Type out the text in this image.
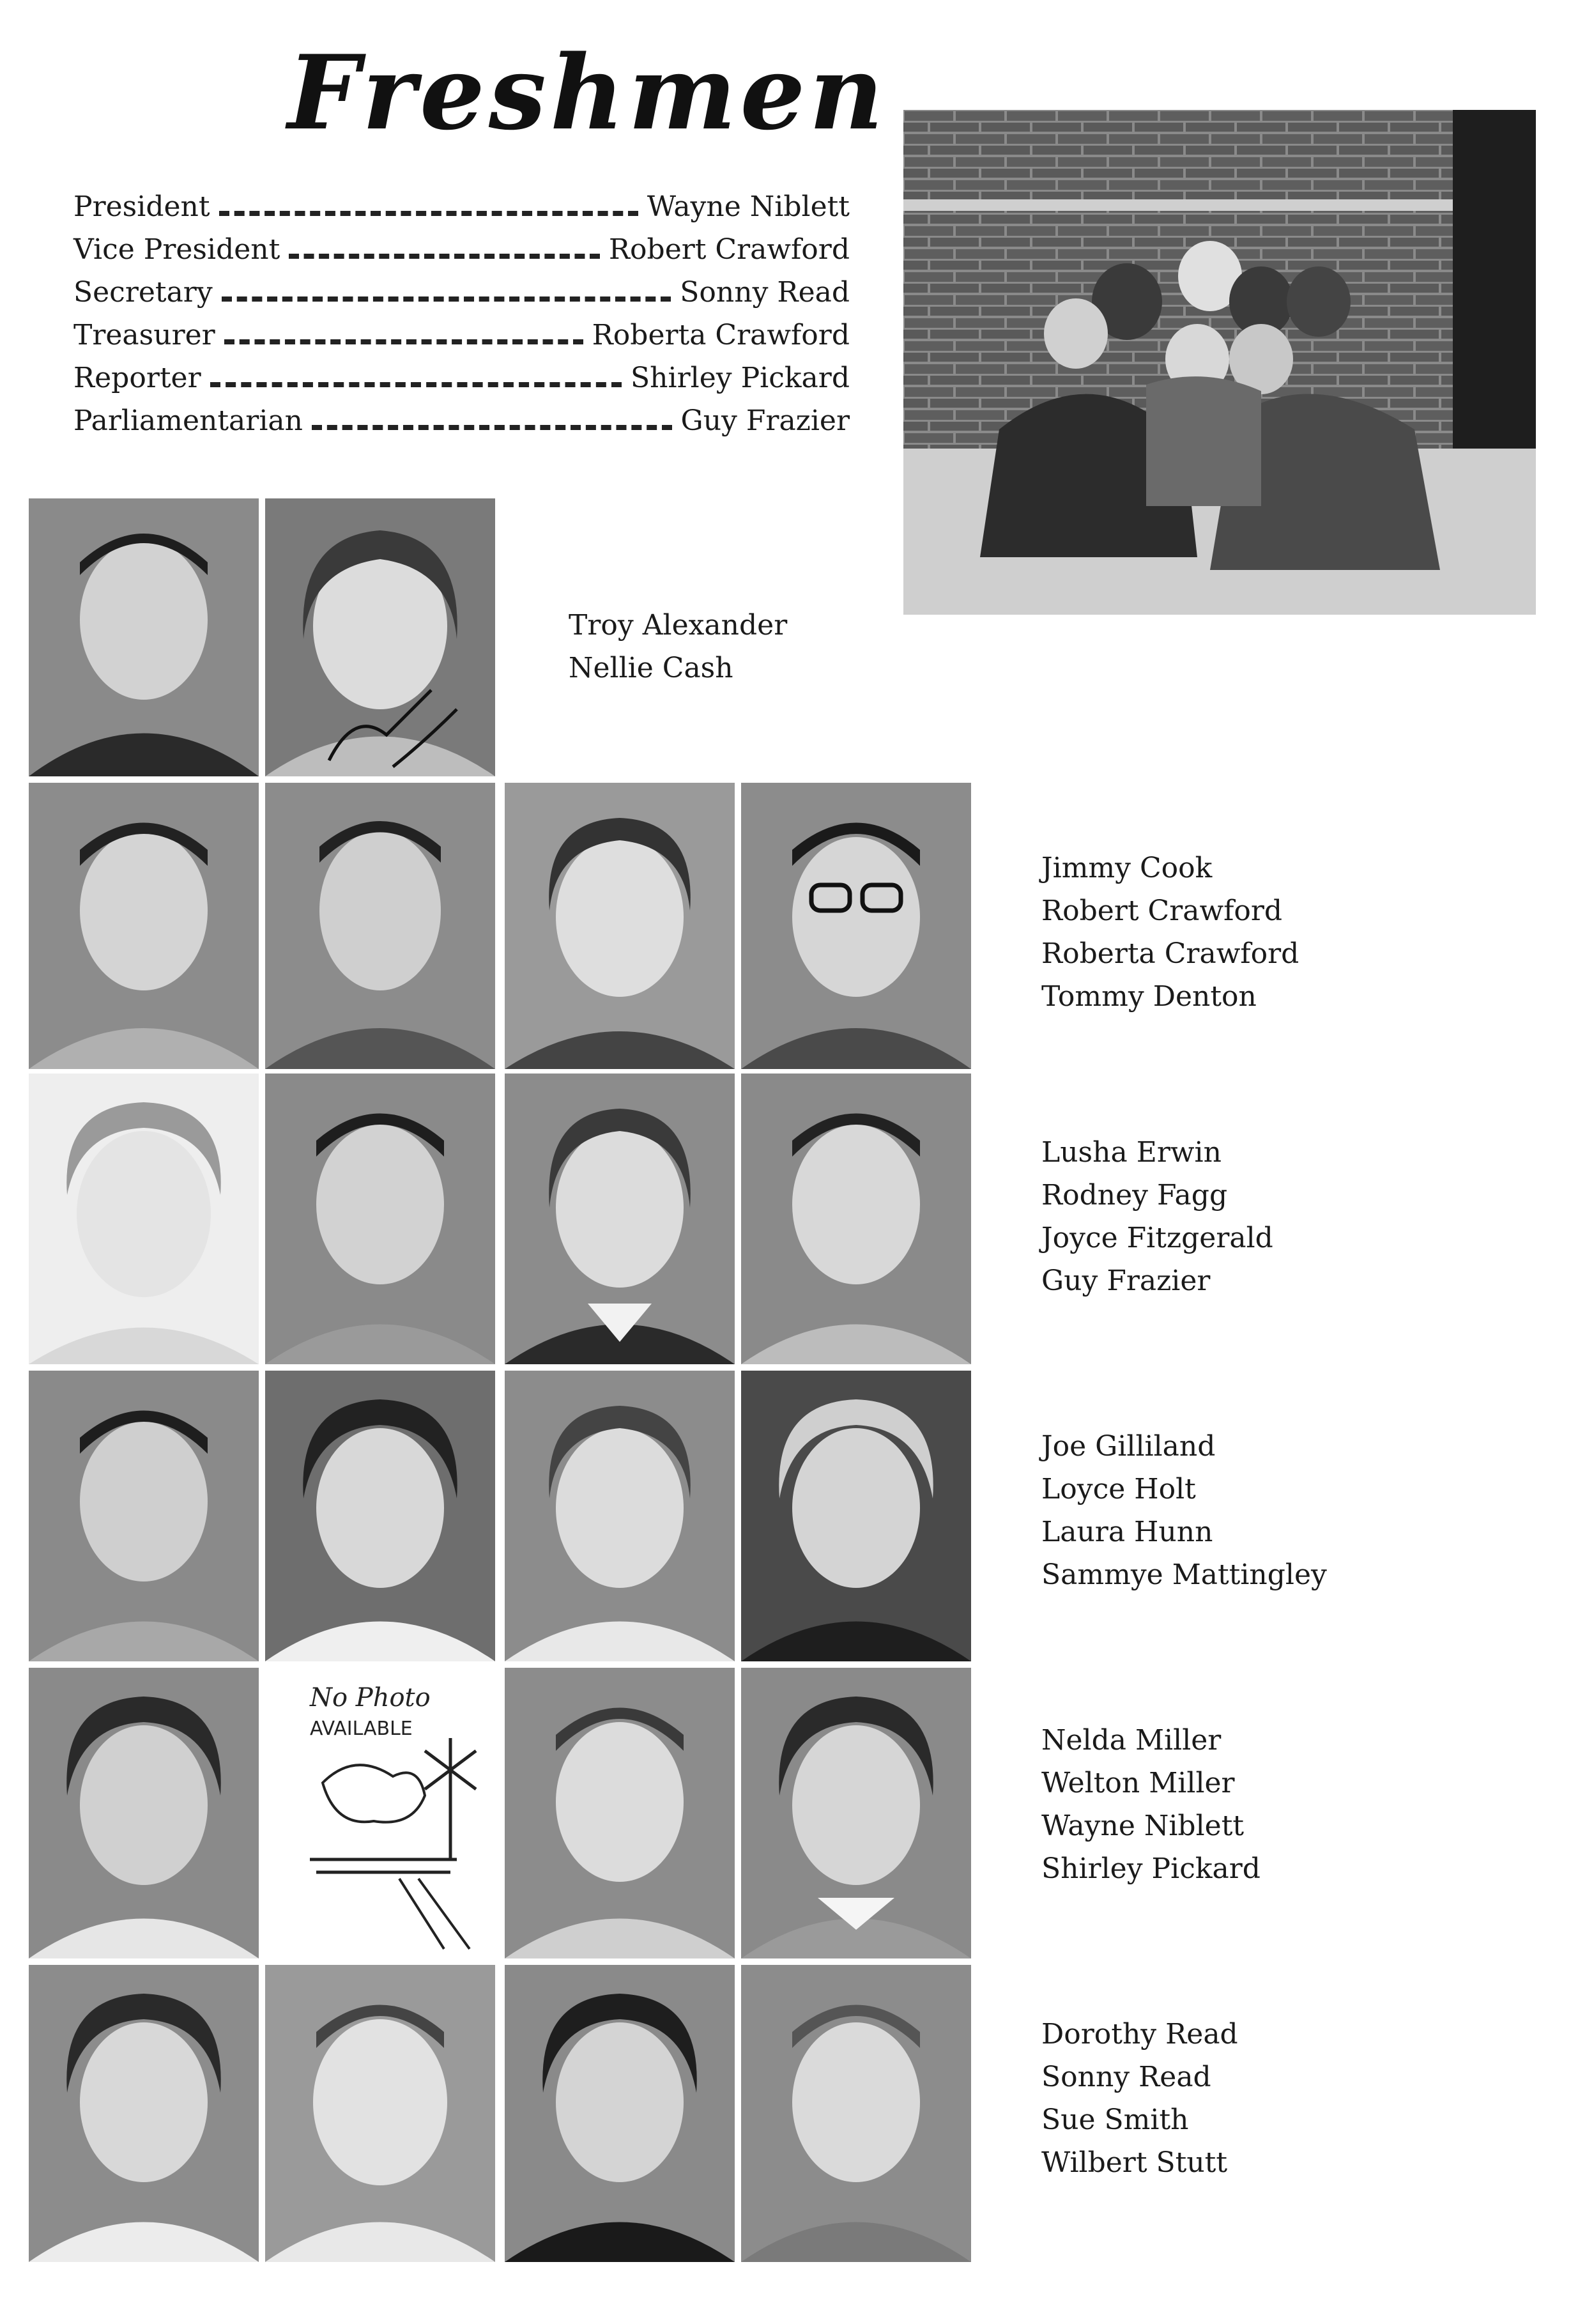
Freshmen
President	Wayne Niblett
Vice President	Robert Crawford
Secretary	Sonny Read
Treasurer	Roberta Crawford
Reporter	Shirley Pickard
Parliamentarian	Guy Frazier
Troy Alexander
Nellie Cash
Jimmy Cook
Robert Crawford
Roberta Crawford
Tommy Denton
Lusha Erwin
Rodney Fagg
Joyce Fitzgerald
Guy Frazier
Joe Gilliland
Loyce Holt
Laura Hunn
Sammye Mattingley
No Photo
AVAILABLE	Nelda Miller
Welton Miller
Wayne Niblett
Shirley Pickard
Dorothy Read
Sonny Read
Sue Smith
Wilbert Stutt
